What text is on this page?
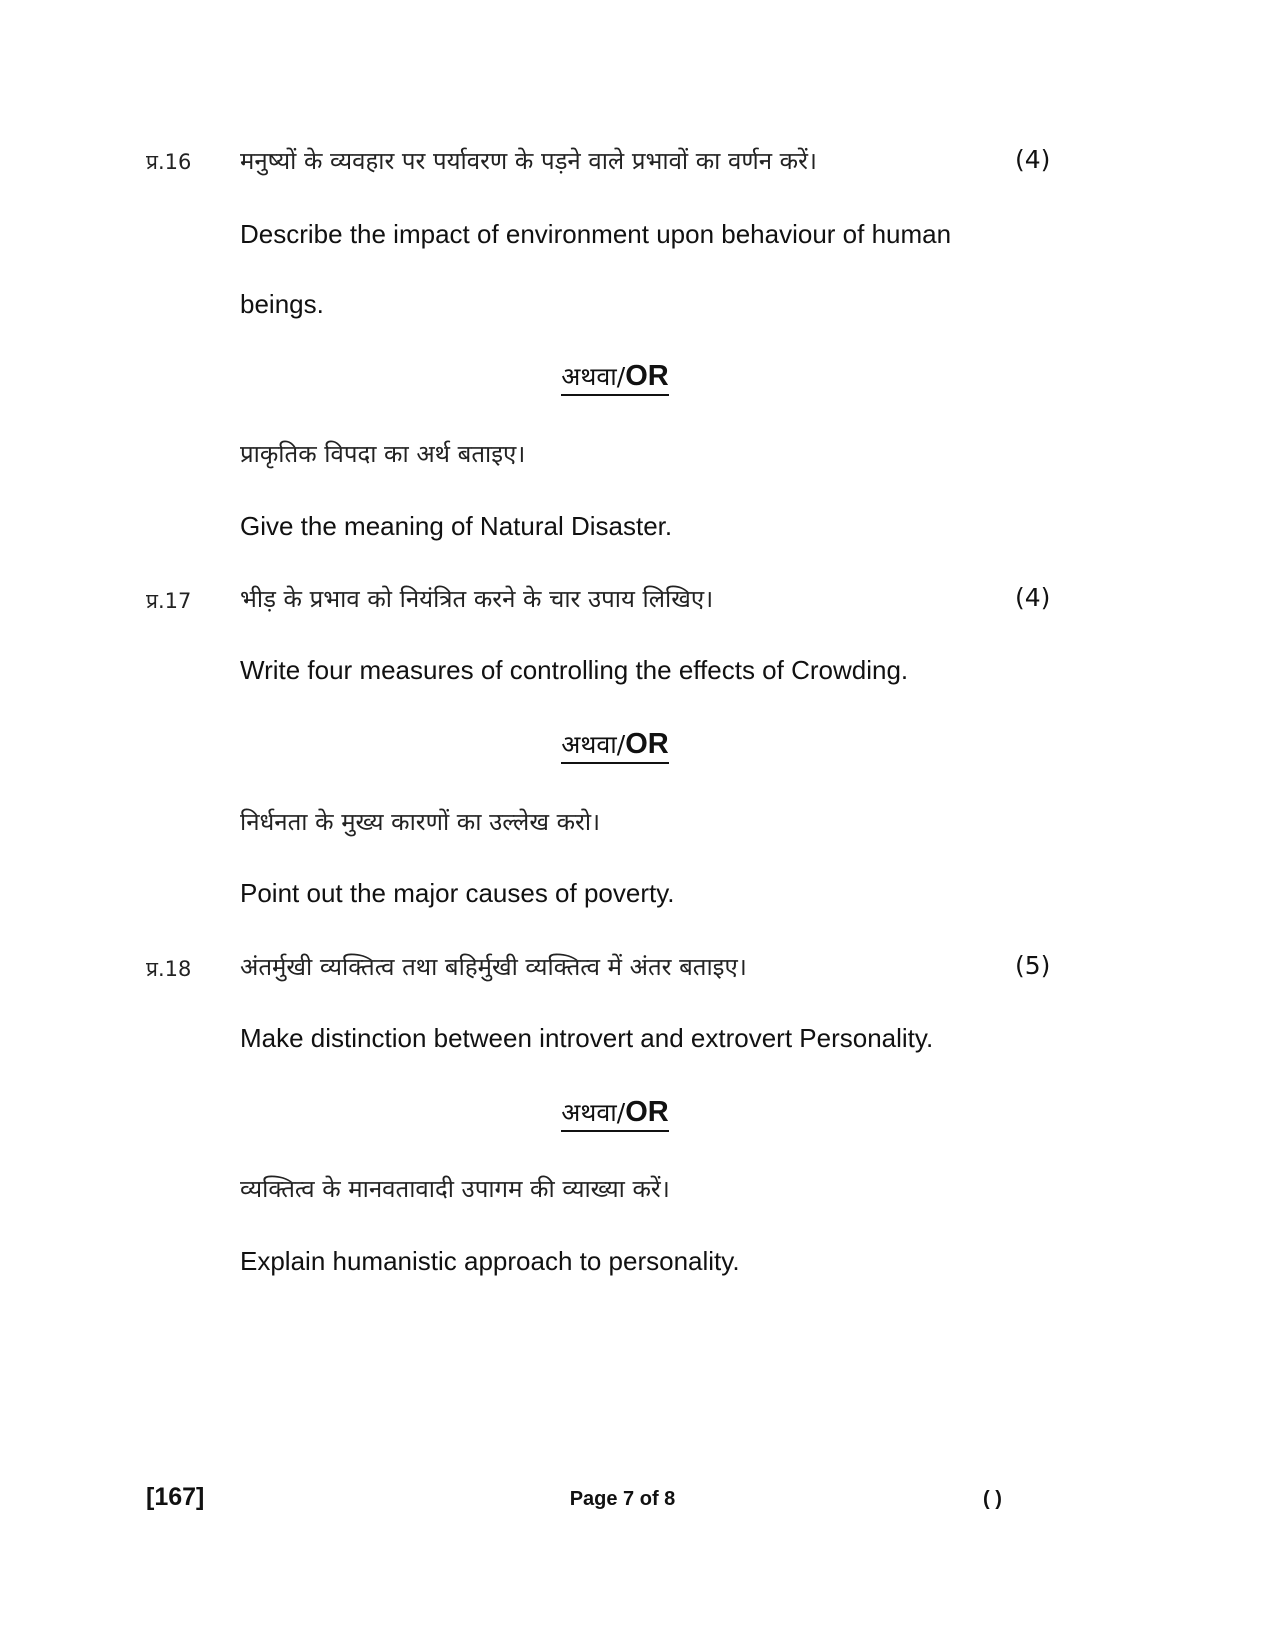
प्र.16 मनुष्यों के व्यवहार पर पर्यावरण के पड़ने वाले प्रभावों का वर्णन करें।	(4)
Describe the impact of environment upon behaviour of human
beings.
अथवा/OR
प्राकृतिक विपदा का अर्थ बताइए।
Give the meaning of Natural Disaster.
प्र.17 भीड़ के प्रभाव को नियंत्रित करने के चार उपाय लिखिए।	(4)
Write four measures of controlling the effects of Crowding.
अथवा/OR
निर्धनता के मुख्य कारणों का उल्लेख करो।
Point out the major causes of poverty.
प्र.18 अंतर्मुखी व्यक्तित्व तथा बहिर्मुखी व्यक्तित्व में अंतर बताइए।	(5)
Make distinction between introvert and extrovert Personality.
अथवा/OR
व्यक्तित्व के मानवतावादी उपागम की व्याख्या करें।
Explain humanistic approach to personality.
[167]	Page 7 of 8	( )
